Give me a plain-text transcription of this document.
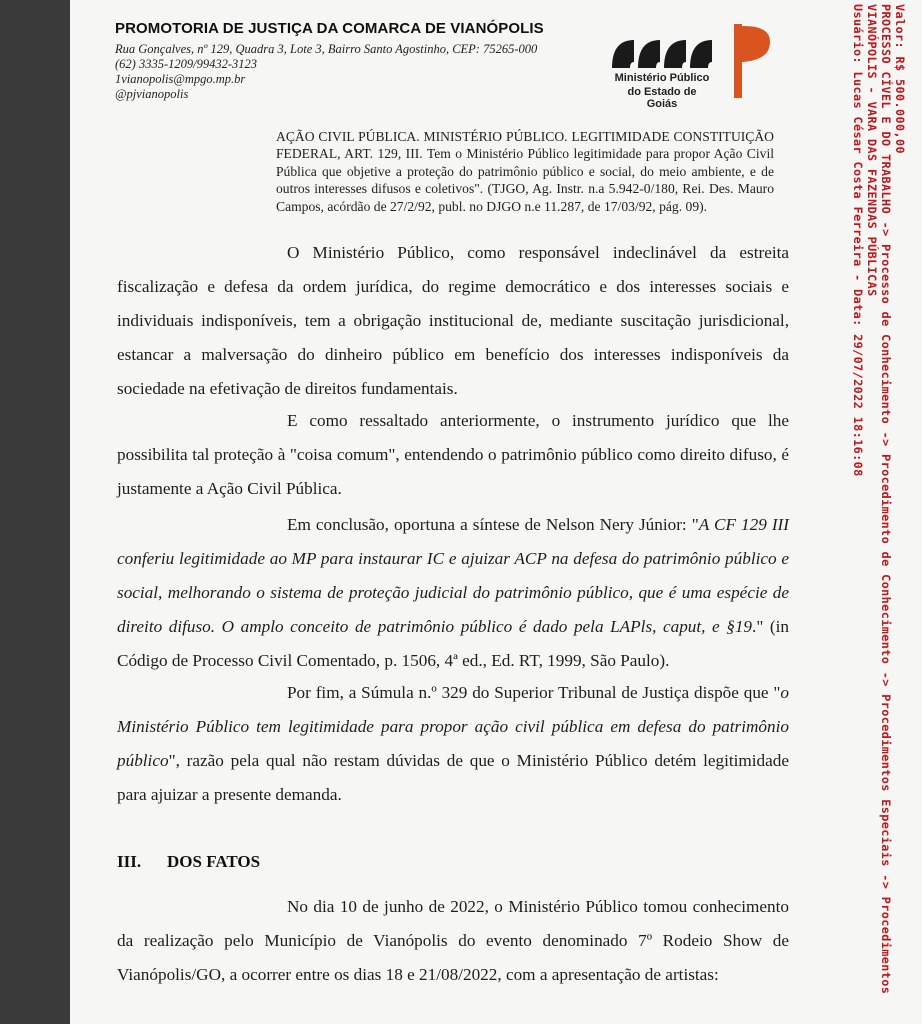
PROMOTORIA DE JUSTIÇA DA COMARCA DE VIANÓPOLIS
Rua Gonçalves, nº 129, Quadra 3, Lote 3, Bairro Santo Agostinho, CEP: 75265-000
(62) 3335-1209/99432-3123
1vianopolis@mpgo.mp.br
@pjvianopolis
Ministério Público
do Estado de Goiás

AÇÃO CIVIL PÚBLICA. MINISTÉRIO PÚBLICO. LEGITIMIDADE CONSTITUIÇÃO FEDERAL, ART. 129, III. Tem o Ministério Público legitimidade para propor Ação Civil Pública que objetive a proteção do patrimônio público e social, do meio ambiente, e de outros interesses difusos e coletivos". (TJGO, Ag. Instr. n.a 5.942-0/180, Rei. Des. Mauro Campos, acórdão de 27/2/92, publ. no DJGO n.e 11.287, de 17/03/92, pág. 09).

O Ministério Público, como responsável indeclinável da estreita fiscalização e defesa da ordem jurídica, do regime democrático e dos interesses sociais e individuais indisponíveis, tem a obrigação institucional de, mediante suscitação jurisdicional, estancar a malversação do dinheiro público em benefício dos interesses indisponíveis da sociedade na efetivação de direitos fundamentais.

E como ressaltado anteriormente, o instrumento jurídico que lhe possibilita tal proteção à "coisa comum", entendendo o patrimônio público como direito difuso, é justamente a Ação Civil Pública.

Em conclusão, oportuna a síntese de Nelson Nery Júnior: "A CF 129 III conferiu legitimidade ao MP para instaurar IC e ajuizar ACP na defesa do patrimônio público e social, melhorando o sistema de proteção judicial do patrimônio público, que é uma espécie de direito difuso. O amplo conceito de patrimônio público é dado pela LAPls, caput, e §19." (in Código de Processo Civil Comentado, p. 1506, 4ª ed., Ed. RT, 1999, São Paulo).

Por fim, a Súmula n.º 329 do Superior Tribunal de Justiça dispõe que "o Ministério Público tem legitimidade para propor ação civil pública em defesa do patrimônio público", razão pela qual não restam dúvidas de que o Ministério Público detém legitimidade para ajuizar a presente demanda.

III. DOS FATOS

No dia 10 de junho de 2022, o Ministério Público tomou conhecimento da realização pelo Município de Vianópolis do evento denominado 7º Rodeio Show de Vianópolis/GO, a ocorrer entre os dias 18 e 21/08/2022, com a apresentação de artistas:

Valor: R$ 500.000,00
PROCESSO CÍVEL E DO TRABALHO -> Processo de Conhecimento -> Procedimento de Conhecimento -> Procedimentos Especiais -> Procedimentos
VIANÓPOLIS - VARA DAS FAZENDAS PÚBLICAS
Usuário: Lucas César Costa Ferreira - Data: 29/07/2022 18:16:08
